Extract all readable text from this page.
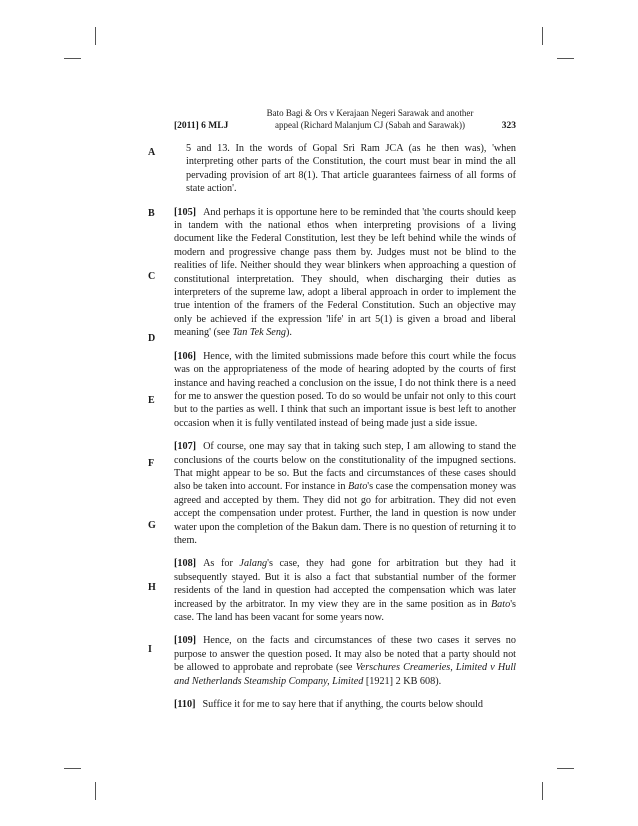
[2011] 6 MLJ
Bato Bagi & Ors v Kerajaan Negeri Sarawak and another
appeal (Richard Malanjum CJ (Sabah and Sarawak))	323
A
B
C
D
E
F
G
H
I

5 and 13. In the words of Gopal Sri Ram JCA (as he then was), 'when interpreting other parts of the Constitution, the court must bear in mind the all pervading provision of art 8(1). That article guarantees fairness of all forms of state action'.

[105] And perhaps it is opportune here to be reminded that 'the courts should keep in tandem with the national ethos when interpreting provisions of a living document like the Federal Constitution, lest they be left behind while the winds of modern and progressive change pass them by. Judges must not be blind to the realities of life. Neither should they wear blinkers when approaching a question of constitutional interpretation. They should, when discharging their duties as interpreters of the supreme law, adopt a liberal approach in order to implement the true intention of the framers of the Federal Constitution. Such an objective may only be achieved if the expression 'life' in art 5(1) is given a broad and liberal meaning' (see Tan Tek Seng).

[106] Hence, with the limited submissions made before this court while the focus was on the appropriateness of the mode of hearing adopted by the courts of first instance and having reached a conclusion on the issue, I do not think there is a need for me to answer the question posed. To do so would be unfair not only to this court but to the parties as well. I think that such an important issue is best left to another occasion when it is fully ventilated instead of being made just a side issue.

[107] Of course, one may say that in taking such step, I am allowing to stand the conclusions of the courts below on the constitutionality of the impugned sections. That might appear to be so. But the facts and circumstances of these cases should also be taken into account. For instance in Bato's case the compensation money was agreed and accepted by them. They did not go for arbitration. They did not even accept the compensation under protest. Further, the land in question is now under water upon the completion of the Bakun dam. There is no question of returning it to them.

[108] As for Jalang's case, they had gone for arbitration but they had it subsequently stayed. But it is also a fact that substantial number of the former residents of the land in question had accepted the compensation which was later increased by the arbitrator. In my view they are in the same position as in Bato's case. The land has been vacant for some years now.

[109] Hence, on the facts and circumstances of these two cases it serves no purpose to answer the question posed. It may also be noted that a party should not be allowed to approbate and reprobate (see Verschures Creameries, Limited v Hull and Netherlands Steamship Company, Limited [1921] 2 KB 608).

[110] Suffice it for me to say here that if anything, the courts below should
